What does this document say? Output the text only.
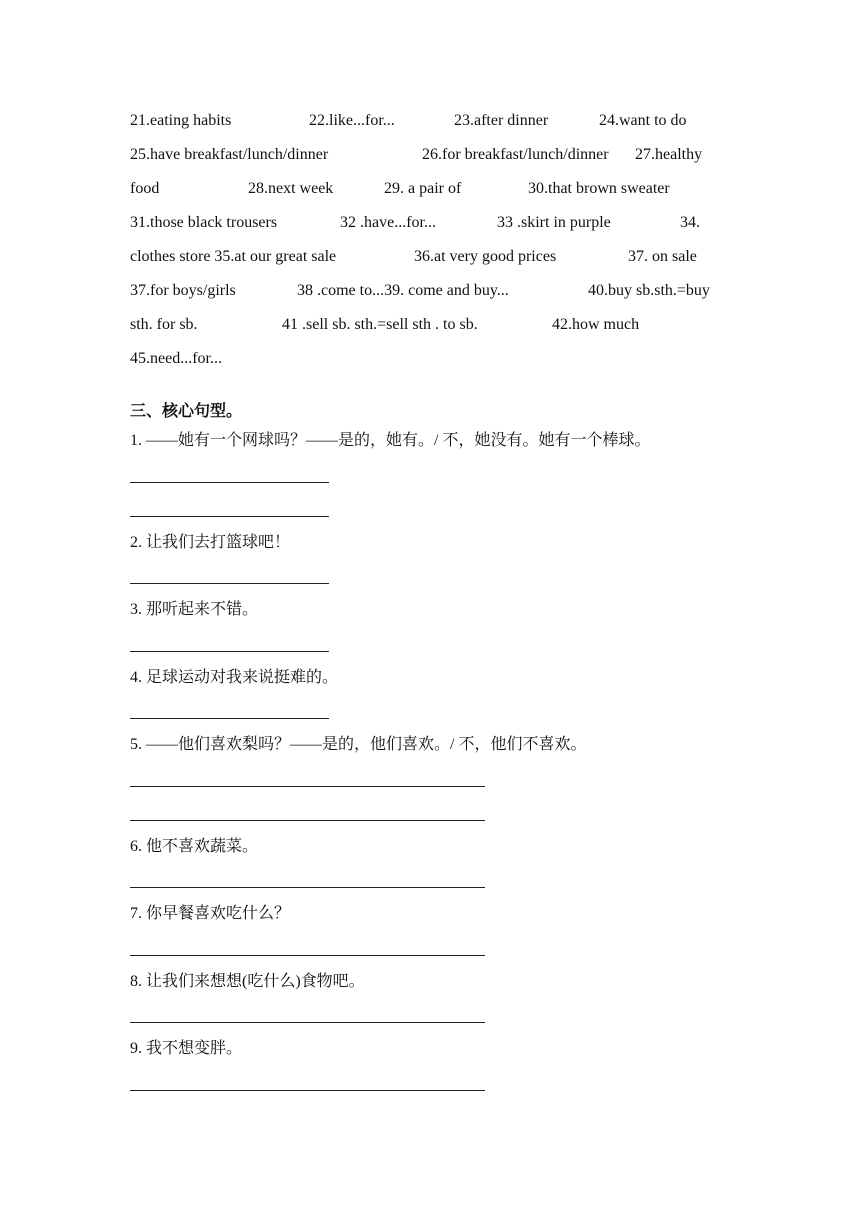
21.eating habits	22.like...for...	23.after dinner	24.want to do
25.have breakfast/lunch/dinner	26.for breakfast/lunch/dinner 27.healthy
food	28.next week	29. a pair of	30.that brown sweater
31.those black trousers	32 .have...for...	33 .skirt in purple	34.
clothes store 35.at our great sale	36.at very good prices	37. on sale
37.for boys/girls	38 .come to...39. come and buy...	40.buy sb.sth.=buy
sth. for sb.	41 .sell sb. sth.=sell sth . to sb.	42.how much
45.need...for...
三、核心句型。
1. ——她有一个网球吗？——是的，她有。/ 不，她没有。她有一个棒球。
2. 让我们去打篮球吧！
3. 那听起来不错。
4. 足球运动对我来说挺难的。
5. ——他们喜欢梨吗？——是的，他们喜欢。/ 不，他们不喜欢。
6. 他不喜欢蔬菜。
7. 你早餐喜欢吃什么？
8. 让我们来想想(吃什么)食物吧。
9. 我不想变胖。
